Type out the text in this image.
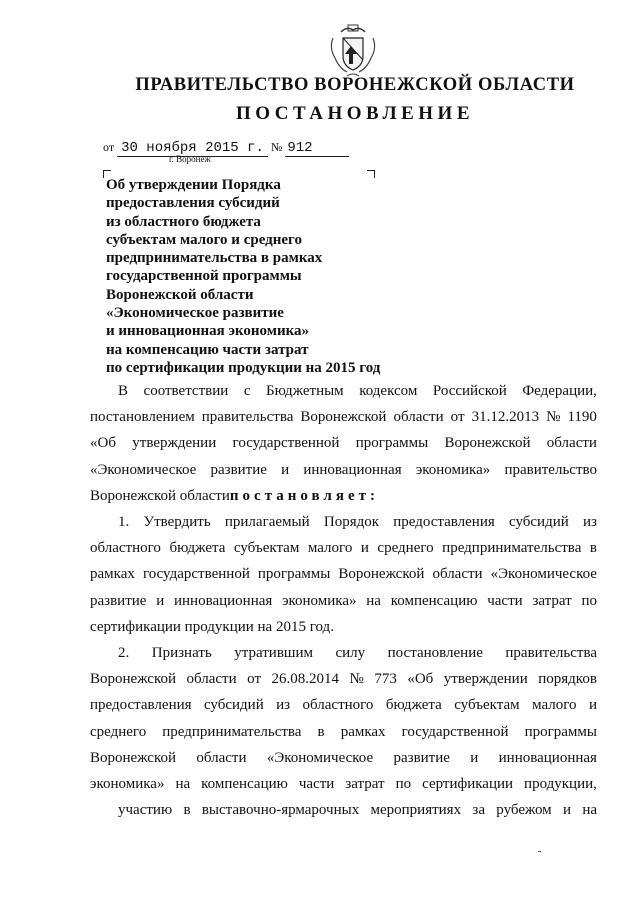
ПРАВИТЕЛЬСТВО ВОРОНЕЖСКОЙ ОБЛАСТИ
ПОСТАНОВЛЕНИЕ
от 30 ноября 2015 г. № 912
г. Воронеж
Об утверждении Порядка
предоставления субсидий
из областного бюджета
субъектам малого и среднего
предпринимательства в рамках
государственной программы
Воронежской области
«Экономическое развитие
и инновационная экономика»
на компенсацию части затрат
по сертификации продукции на 2015 год
В соответствии с Бюджетным кодексом Российской Федерации,
постановлением правительства Воронежской области от 31.12.2013 № 1190
«Об утверждении государственной программы Воронежской области
«Экономическое развитие и инновационная экономика» правительство
Воронежской области постановляет:
1. Утвердить прилагаемый Порядок предоставления субсидий из
областного бюджета субъектам малого и среднего предпринимательства в
рамках государственной программы Воронежской области «Экономическое
развитие и инновационная экономика» на компенсацию части затрат по
сертификации продукции на 2015 год.
2. Признать утратившим силу постановление правительства
Воронежской области от 26.08.2014 № 773 «Об утверждении порядков
предоставления субсидий из областного бюджета субъектам малого и
среднего предпринимательства в рамках государственной программы
Воронежской области «Экономическое развитие и инновационная
экономика» на компенсацию части затрат по сертификации продукции,
участию в выставочно-ярмарочных мероприятиях за рубежом и на
